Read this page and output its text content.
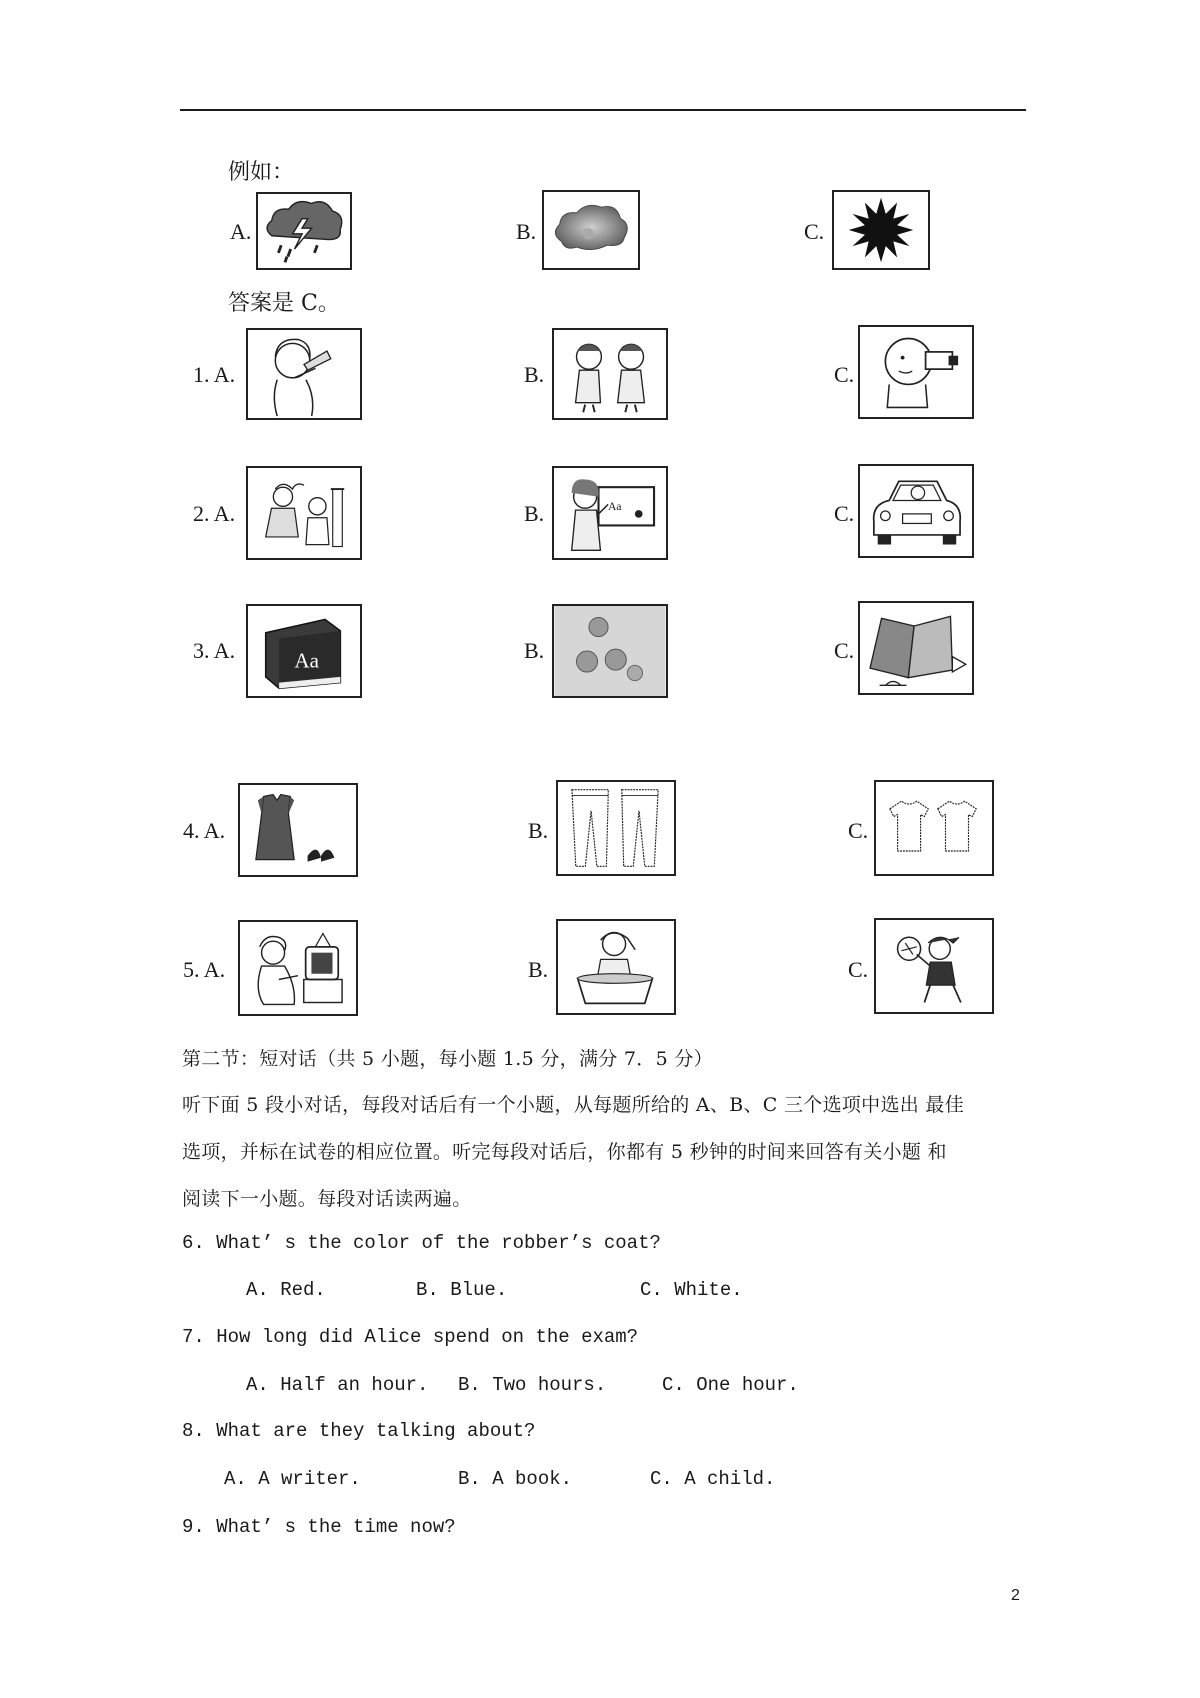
例如：
A.	B.	C.
答案是 C。
1. A.	B.	C.
2. A.	B.	Aa	C.
3. A.	Aa	B.	C.
4. A.	B.	C.
5. A.	B.	C.
第二节：短对话（共 5 小题，每小题 1.5 分，满分 7．5 分）
听下面 5 段小对话，每段对话后有一个小题，从每题所给的 A、B、C 三个选项中选出 最佳
选项，并标在试卷的相应位置。听完每段对话后，你都有 5 秒钟的时间来回答有关小题 和
阅读下一小题。每段对话读两遍。
6. What’ s the color of the robber’s coat?
A. Red.	B. Blue.	C. White.
7. How long did Alice spend on the exam?
A. Half an hour. B. Two hours.	C. One hour.
8. What are they talking about?
A. A writer.	B. A book.	C. A child.
9. What’ s the time now?
2
